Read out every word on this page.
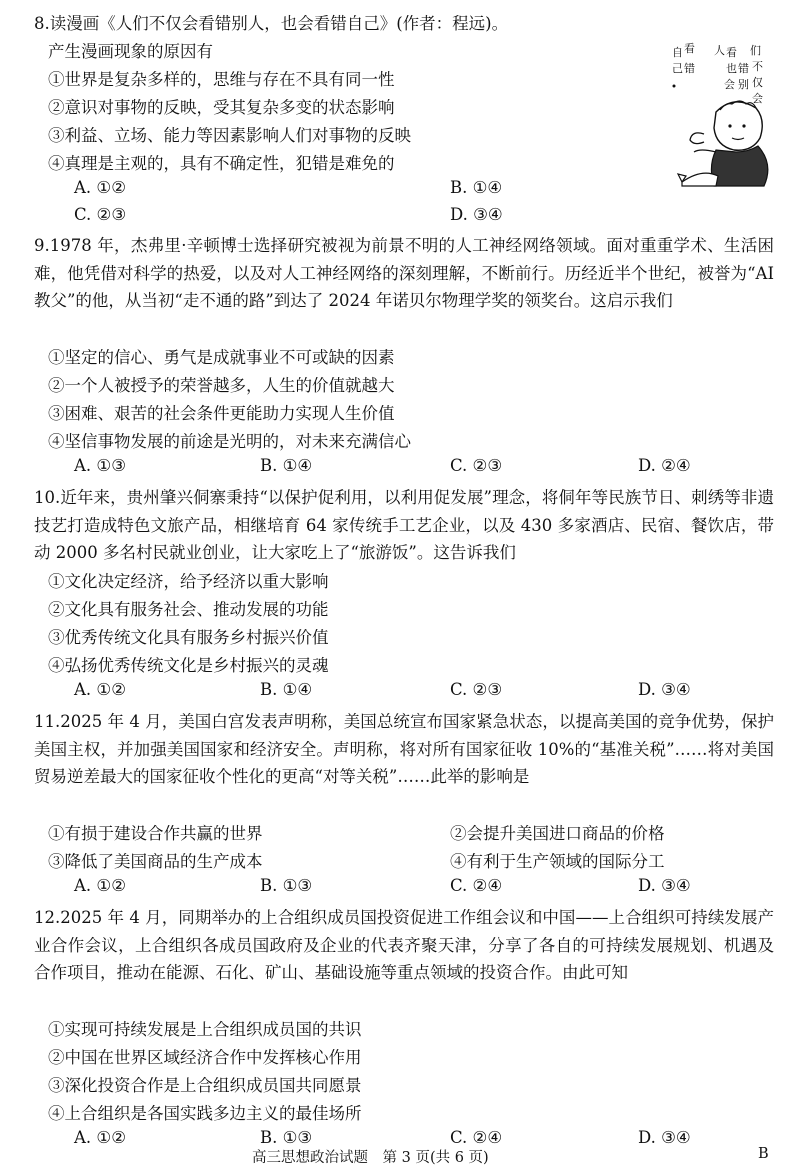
8.读漫画《人们不仅会看错别人，也会看错自己》(作者：程远)。
产生漫画现象的原因有
①世界是复杂多样的，思维与存在不具有同一性
②意识对事物的反映，受其复杂多变的状态影响
③利益、立场、能力等因素影响人们对事物的反映
④真理是主观的，具有不确定性，犯错是难免的
A. ①②	B. ①④
C. ②③	D. ③④
自 看
己 错
人 看 们
也 错 不
会 别 仅
会
9.1978 年，杰弗里·辛顿博士选择研究被视为前景不明的人工神经网络领域。面对重重学术、生活困难，他凭借对科学的热爱，以及对人工神经网络的深刻理解，不断前行。历经近半个世纪，被誉为“AI 教父”的他，从当初“走不通的路”到达了 2024 年诺贝尔物理学奖的领奖台。这启示我们
①坚定的信心、勇气是成就事业不可或缺的因素
②一个人被授予的荣誉越多，人生的价值就越大
③困难、艰苦的社会条件更能助力实现人生价值
④坚信事物发展的前途是光明的，对未来充满信心
A. ①③	B. ①④	C. ②③	D. ②④
10.近年来，贵州肇兴侗寨秉持“以保护促利用，以利用促发展”理念，将侗年等民族节日、刺绣等非遗技艺打造成特色文旅产品，相继培育 64 家传统手工艺企业，以及 430 多家酒店、民宿、餐饮店，带动 2000 多名村民就业创业，让大家吃上了“旅游饭”。这告诉我们
①文化决定经济，给予经济以重大影响
②文化具有服务社会、推动发展的功能
③优秀传统文化具有服务乡村振兴价值
④弘扬优秀传统文化是乡村振兴的灵魂
A. ①②	B. ①④	C. ②③	D. ③④
11.2025 年 4 月，美国白宫发表声明称，美国总统宣布国家紧急状态，以提高美国的竞争优势，保护美国主权，并加强美国国家和经济安全。声明称，将对所有国家征收 10%的“基准关税”……将对美国贸易逆差最大的国家征收个性化的更高“对等关税”……此举的影响是
①有损于建设合作共赢的世界	②会提升美国进口商品的价格
③降低了美国商品的生产成本	④有利于生产领域的国际分工
A. ①②	B. ①③	C. ②④	D. ③④
12.2025 年 4 月，同期举办的上合组织成员国投资促进工作组会议和中国——上合组织可持续发展产业合作会议，上合组织各成员国政府及企业的代表齐聚天津，分享了各自的可持续发展规划、机遇及合作项目，推动在能源、石化、矿山、基础设施等重点领域的投资合作。由此可知
①实现可持续发展是上合组织成员国的共识
②中国在世界区域经济合作中发挥核心作用
③深化投资合作是上合组织成员国共同愿景
④上合组织是各国实践多边主义的最佳场所
A. ①②	B. ①③	C. ②④	D. ③④
高三思想政治试题　第 3 页(共 6 页)	B
